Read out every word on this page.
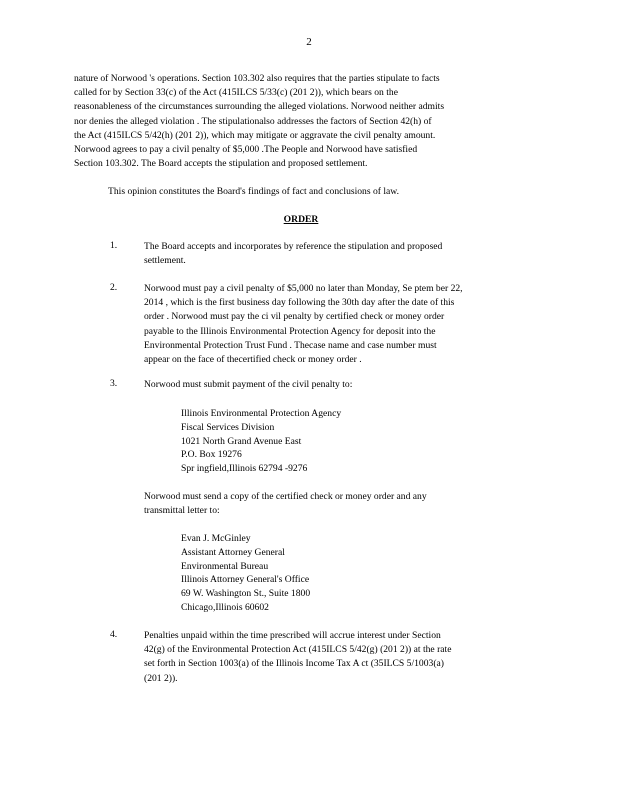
2
nature of Norwood 's operations. Section 103.302 also requires that the parties stipulate to facts
called for by Section 33(c) of the Act (415ILCS 5/33(c) (201 2)), which bears on the
reasonableness of the circumstances surrounding the alleged violations. Norwood neither admits
nor denies the alleged violation . The stipulationalso addresses the factors of Section 42(h) of
the Act (415ILCS 5/42(h) (201 2)), which may mitigate or aggravate the civil penalty amount.
Norwood agrees to pay a civil penalty of $5,000 .The People and Norwood have satisfied
Section 103.302. The Board accepts the stipulation and proposed settlement.
This opinion constitutes the Board's findings of fact and conclusions of law.
ORDER
1.	The Board accepts and incorporates by reference the stipulation and proposed
settlement.
2.	Norwood must pay a civil penalty of $5,000 no later than Monday, Se ptem ber 22,
2014 , which is the first business day following the 30th day after the date of this
order . Norwood must pay the ci vil penalty by certified check or money order
payable to the Illinois Environmental Protection Agency for deposit into the
Environmental Protection Trust Fund . Thecase name and case number must
appear on the face of thecertified check or money order .
3.	Norwood must submit payment of the civil penalty to:
Illinois Environmental Protection Agency
Fiscal Services Division
1021 North Grand Avenue East
P.O. Box 19276
Spr ingfield,Illinois 62794 -9276
Norwood must send a copy of the certified check or money order and any
transmittal letter to:
Evan J. McGinley
Assistant Attorney General
Environmental Bureau
Illinois Attorney General's Office
69 W. Washington St., Suite 1800
Chicago,Illinois 60602
4.	Penalties unpaid within the time prescribed will accrue interest under Section
42(g) of the Environmental Protection Act (415ILCS 5/42(g) (201 2)) at the rate
set forth in Section 1003(a) of the Illinois Income Tax A ct (35ILCS 5/1003(a)
(201 2)).
